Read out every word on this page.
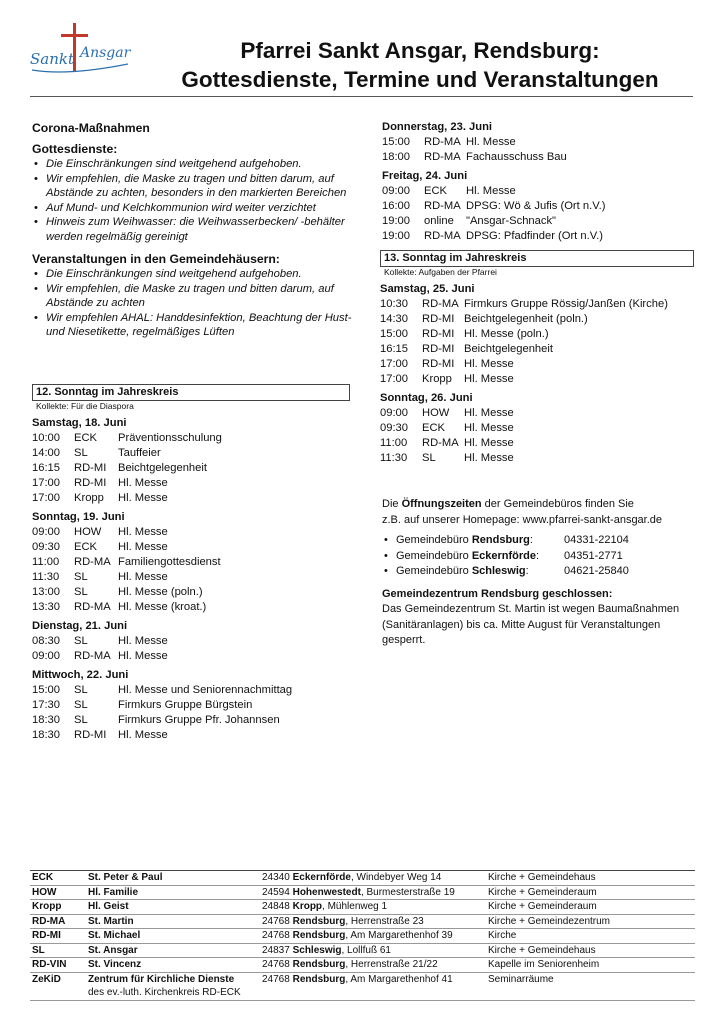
Sankt Ansgar	Pfarrei Sankt Ansgar, Rendsburg:
Gottesdienste, Termine und Veranstaltungen
Corona-Maßnahmen
Gottesdienste:
• Die Einschränkungen sind weitgehend aufgehoben.
• Wir empfehlen, die Maske zu tragen und bitten darum, auf Abstände zu achten, besonders in den markierten Bereichen
• Auf Mund- und Kelchkommunion wird weiter verzichtet
• Hinweis zum Weihwasser: die Weihwasserbecken/ -behälter werden regelmäßig gereinigt
Veranstaltungen in den Gemeindehäusern:
• Die Einschränkungen sind weitgehend aufgehoben.
• Wir empfehlen, die Maske zu tragen und bitten darum, auf Abstände zu achten
• Wir empfehlen AHAL: Handdesinfektion, Beachtung der Hust- und Niesetikette, regelmäßiges Lüften
12. Sonntag im Jahreskreis
Kollekte: Für die Diaspora
Samstag, 18. Juni
10:00	ECK	Präventionsschulung
14:00	SL	Tauffeier
16:15	RD-MI	Beichtgelegenheit
17:00	RD-MI	Hl. Messe
17:00	Kropp	Hl. Messe
Sonntag, 19. Juni
09:00	HOW	Hl. Messe
09:30	ECK	Hl. Messe
11:00	RD-MA Familiengottesdienst
11:30	SL	Hl. Messe
13:00	SL	Hl. Messe (poln.)
13:30	RD-MA Hl. Messe (kroat.)
Dienstag, 21. Juni
08:30	SL	Hl. Messe
09:00	RD-MA Hl. Messe
Mittwoch, 22. Juni
15:00	SL	Hl. Messe und Seniorennachmittag
17:30	SL	Firmkurs Gruppe Bürgstein
18:30	SL	Firmkurs Gruppe Pfr. Johannsen
18:30	RD-MI	Hl. Messe
Donnerstag, 23. Juni
15:00	RD-MA Hl. Messe
18:00	RD-MA Fachausschuss Bau
Freitag, 24. Juni
09:00	ECK	Hl. Messe
16:00	RD-MA DPSG: Wö & Jufis (Ort n.V.)
19:00	online	"Ansgar-Schnack"
19:00	RD-MA DPSG: Pfadfinder (Ort n.V.)
13. Sonntag im Jahreskreis
Kollekte: Aufgaben der Pfarrei
Samstag, 25. Juni
10:30	RD-MA Firmkurs Gruppe Rössig/Janßen (Kirche)
14:30	RD-MI Beichtgelegenheit (poln.)
15:00	RD-MI Hl. Messe (poln.)
16:15	RD-MI Beichtgelegenheit
17:00	RD-MI Hl. Messe
17:00	Kropp	Hl. Messe
Sonntag, 26. Juni
09:00	HOW	Hl. Messe
09:30	ECK	Hl. Messe
11:00	RD-MA Hl. Messe
11:30	SL	Hl. Messe
Die Öffnungszeiten der Gemeindebüros finden Sie
z.B. auf unserer Homepage: www.pfarrei-sankt-ansgar.de
• Gemeindebüro Rendsburg:	04331-22104
• Gemeindebüro Eckernförde:	04351-2771
• Gemeindebüro Schleswig:	04621-25840
Gemeindezentrum Rendsburg geschlossen:
Das Gemeindezentrum St. Martin ist wegen Baumaßnahmen (Sanitäranlagen) bis ca. Mitte August für Veranstaltungen gesperrt.
ECK	St. Peter & Paul	24340 Eckernförde, Windebyer Weg 14	Kirche + Gemeindehaus
HOW	Hl. Familie	24594 Hohenwestedt, Burmesterstraße 19	Kirche + Gemeinderaum
Kropp	Hl. Geist	24848 Kropp, Mühlenweg 1	Kirche + Gemeinderaum
RD-MA	St. Martin	24768 Rendsburg, Herrenstraße 23	Kirche + Gemeindezentrum
RD-MI	St. Michael	24768 Rendsburg, Am Margarethenhof 39	Kirche
SL	St. Ansgar	24837 Schleswig, Lollfuß 61	Kirche + Gemeindehaus
RD-VIN	St. Vincenz	24768 Rendsburg, Herrenstraße 21/22	Kapelle im Seniorenheim
ZeKiD	Zentrum für Kirchliche Dienste
des ev.-luth. Kirchenkreis RD-ECK	24768 Rendsburg, Am Margarethenhof 41	Seminarräume
